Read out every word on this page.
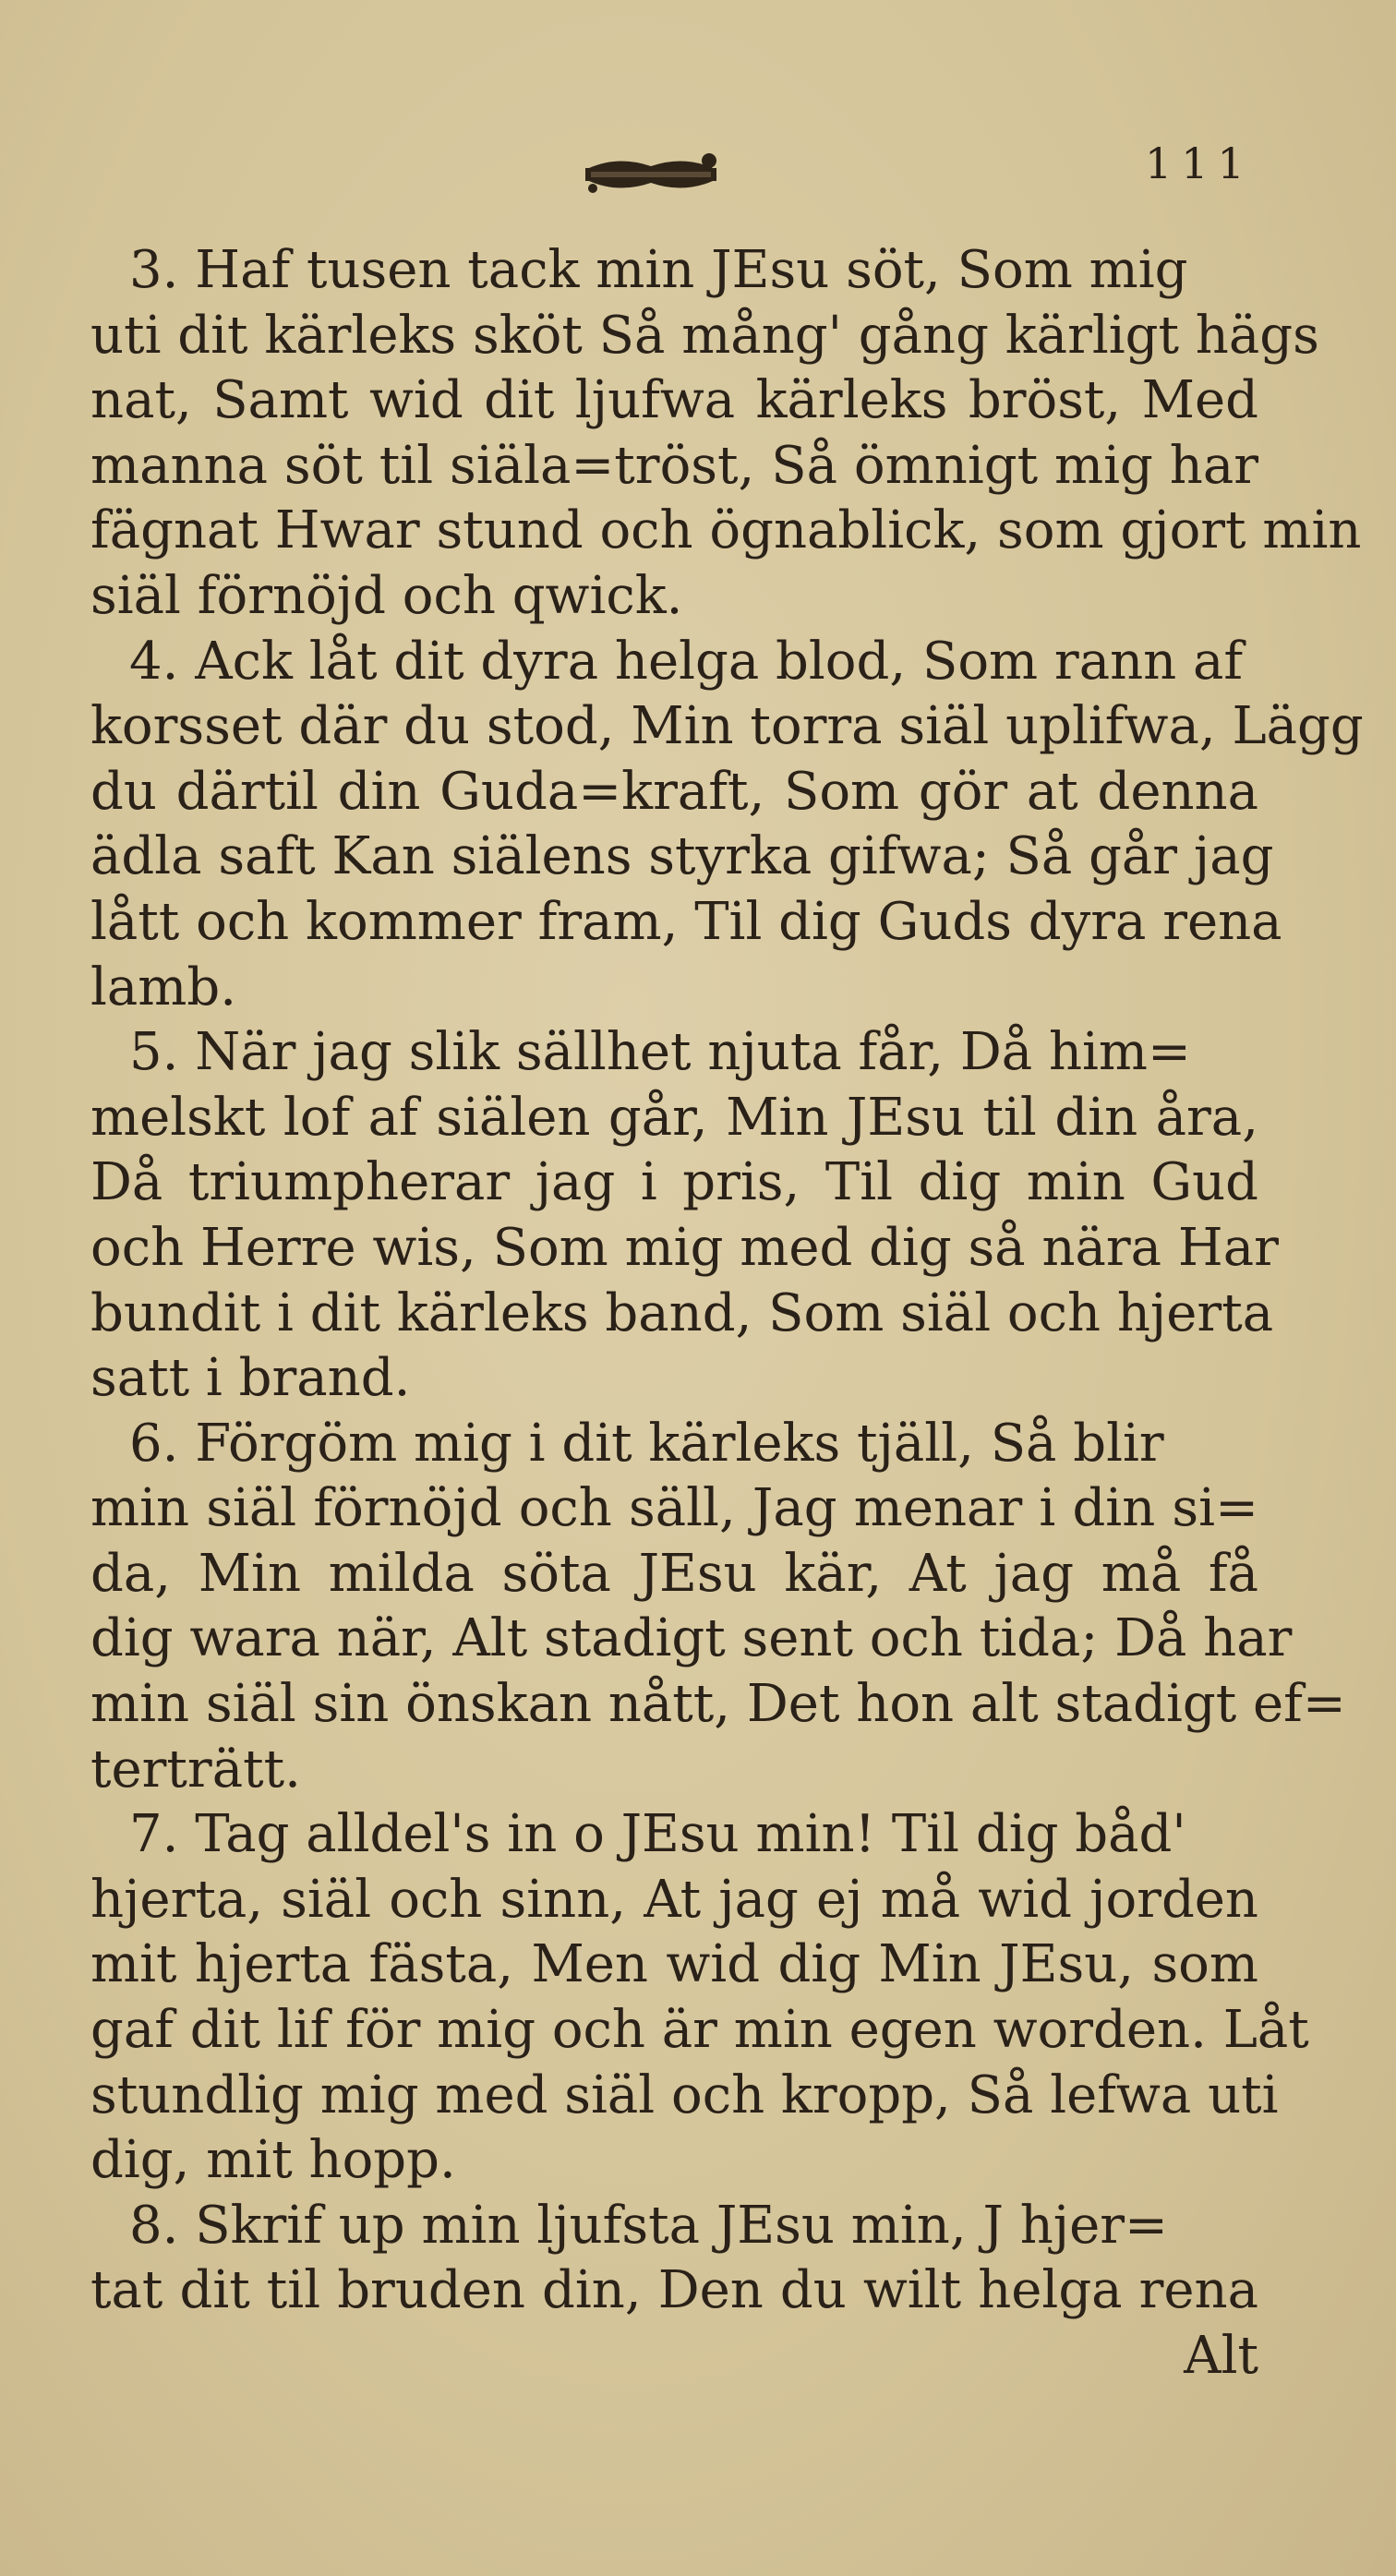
111
3. Haf tusen tack min JEsu söt, Som mig
uti dit kärleks sköt Så mång' gång kärligt hägs
nat, Samt wid dit ljufwa kärleks bröst, Med
manna söt til siäla=tröst, Så ömnigt mig har
fägnat Hwar stund och ögnablick, som gjort min
siäl förnöjd och qwick.
4. Ack låt dit dyra helga blod, Som rann af
korsset där du stod, Min torra siäl uplifwa, Lägg
du därtil din Guda=kraft, Som gör at denna
ädla saft Kan siälens styrka gifwa; Så går jag
lått och kommer fram, Til dig Guds dyra rena
lamb.
5. När jag slik sällhet njuta får, Då him=
melskt lof af siälen går, Min JEsu til din åra,
Då triumpherar jag i pris, Til dig min Gud
och Herre wis, Som mig med dig så nära Har
bundit i dit kärleks band, Som siäl och hjerta
satt i brand.
6. Förgöm mig i dit kärleks tjäll, Så blir
min siäl förnöjd och säll, Jag menar i din si=
da, Min milda söta JEsu kär, At jag må få
dig wara när, Alt stadigt sent och tida; Då har
min siäl sin önskan nått, Det hon alt stadigt ef=
terträtt.
7. Tag alldel's in o JEsu min! Til dig båd'
hjerta, siäl och sinn, At jag ej må wid jorden
mit hjerta fästa, Men wid dig Min JEsu, som
gaf dit lif för mig och är min egen worden. Låt
stundlig mig med siäl och kropp, Så lefwa uti
dig, mit hopp.
8. Skrif up min ljufsta JEsu min, J hjer=
tat dit til bruden din, Den du wilt helga rena
Alt
